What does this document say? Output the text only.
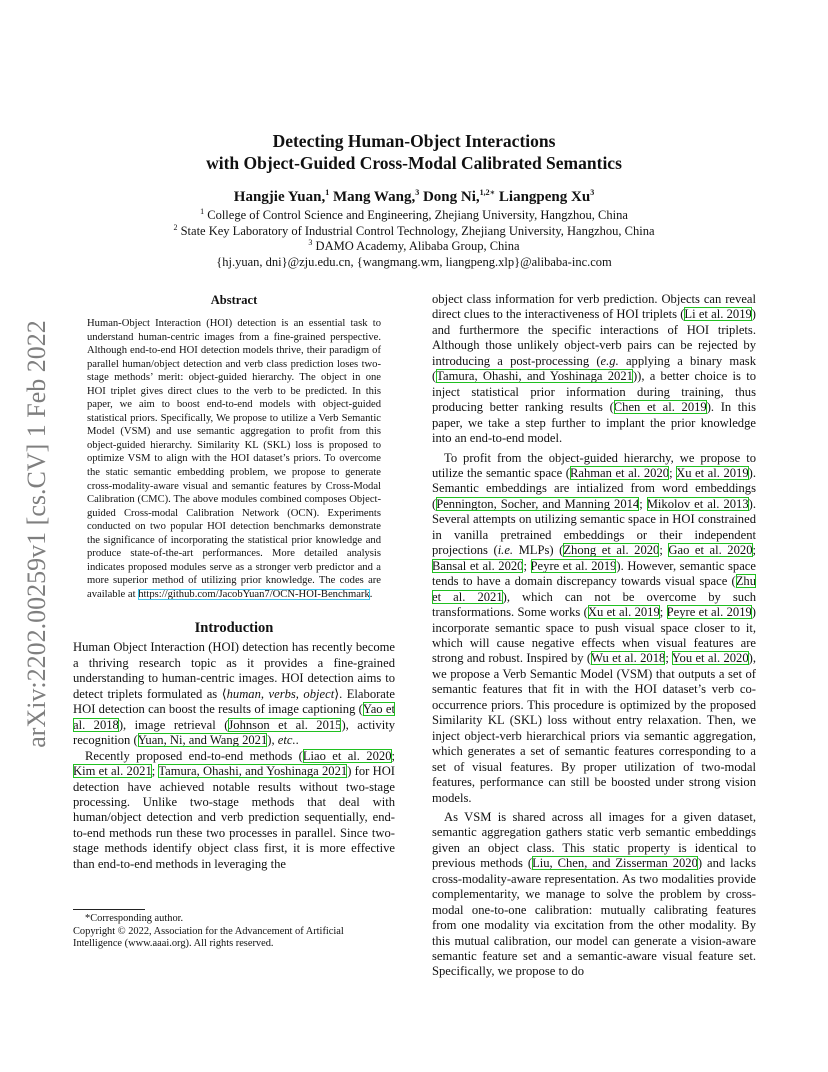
arXiv:2202.00259v1 [cs.CV] 1 Feb 2022
Detecting Human-Object Interactions
with Object-Guided Cross-Modal Calibrated Semantics
Hangjie Yuan,$^1$ Mang Wang,$^3$ Dong Ni,$^{1,2∗}$ Liangpeng Xu$^3$
$^1$ College of Control Science and Engineering, Zhejiang University, Hangzhou, China
$^2$ State Key Laboratory of Industrial Control Technology, Zhejiang University, Hangzhou, China
$^3$ DAMO Academy, Alibaba Group, China
{hj.yuan, dni}@zju.edu.cn, {wangmang.wm, liangpeng.xlp}@alibaba-inc.com
Abstract

Human-Object Interaction (HOI) detection is an essential task to understand human-centric images from a fine-grained perspective. Although end-to-end HOI detection models thrive, their paradigm of parallel human/object detection and verb class prediction loses two-stage methods’ merit: object-guided hierarchy. The object in one HOI triplet gives direct clues to the verb to be predicted. In this paper, we aim to boost end-to-end models with object-guided statistical priors. Specifically, We propose to utilize a Verb Semantic Model (VSM) and use semantic aggregation to profit from this object-guided hierarchy. Similarity KL (SKL) loss is proposed to optimize VSM to align with the HOI dataset’s priors. To overcome the static semantic embedding problem, we propose to generate cross-modality-aware visual and semantic features by Cross-Modal Calibration (CMC). The above modules combined composes Object-guided Cross-modal Calibration Network (OCN). Experiments conducted on two popular HOI detection benchmarks demonstrate the significance of incorporating the statistical prior knowledge and produce state-of-the-art performances. More detailed analysis indicates proposed modules serve as a stronger verb predictor and a more superior method of utilizing prior knowledge. The codes are available at https://github.com/JacobYuan7/OCN-HOI-Benchmark.

Introduction

Human Object Interaction (HOI) detection has recently become a thriving research topic as it provides a fine-grained understanding to human-centric images. HOI detection aims to detect triplets formulated as ⟨human, verbs, object⟩. Elaborate HOI detection can boost the results of image captioning (Yao et al. 2018), image retrieval (Johnson et al. 2015), activity recognition (Yuan, Ni, and Wang 2021), etc..

Recently proposed end-to-end methods (Liao et al. 2020; Kim et al. 2021; Tamura, Ohashi, and Yoshinaga 2021) for HOI detection have achieved notable results without two-stage processing. Unlike two-stage methods that deal with human/object detection and verb prediction sequentially, end-to-end methods run these two processes in parallel. Since two-stage methods identify object class first, it is more effective than end-to-end methods in leveraging the

*Corresponding author.
Copyright © 2022, Association for the Advancement of Artificial Intelligence (www.aaai.org). All rights reserved.

object class information for verb prediction. Objects can reveal direct clues to the interactiveness of HOI triplets (Li et al. 2019) and furthermore the specific interactions of HOI triplets. Although those unlikely object-verb pairs can be rejected by introducing a post-processing (e.g. applying a binary mask (Tamura, Ohashi, and Yoshinaga 2021)), a better choice is to inject statistical prior information during training, thus producing better ranking results (Chen et al. 2019). In this paper, we take a step further to implant the prior knowledge into an end-to-end model.

To profit from the object-guided hierarchy, we propose to utilize the semantic space (Rahman et al. 2020; Xu et al. 2019). Semantic embeddings are intialized from word embeddings (Pennington, Socher, and Manning 2014; Mikolov et al. 2013). Several attempts on utilizing semantic space in HOI constrained in vanilla pretrained embeddings or their independent projections (i.e. MLPs) (Zhong et al. 2020; Gao et al. 2020; Bansal et al. 2020; Peyre et al. 2019). However, semantic space tends to have a domain discrepancy towards visual space (Zhu et al. 2021), which can not be overcome by such transformations. Some works (Xu et al. 2019; Peyre et al. 2019) incorporate semantic space to push visual space closer to it, which will cause negative effects when visual features are strong and robust. Inspired by (Wu et al. 2018; You et al. 2020), we propose a Verb Semantic Model (VSM) that outputs a set of semantic features that fit in with the HOI dataset’s verb co-occurrence priors. This procedure is optimized by the proposed Similarity KL (SKL) loss without entry relaxation. Then, we inject object-verb hierarchical priors via semantic aggregation, which generates a set of semantic features corresponding to a set of visual features. By proper utilization of two-modal features, performance can still be boosted under strong vision models.

As VSM is shared across all images for a given dataset, semantic aggregation gathers static verb semantic embeddings given an object class. This static property is identical to previous methods (Liu, Chen, and Zisserman 2020) and lacks cross-modality-aware representation. As two modalities provide complementarity, we manage to solve the problem by cross-modal one-to-one calibration: mutually calibrating features from one modality via excitation from the other modality. By this mutual calibration, our model can generate a vision-aware semantic feature set and a semantic-aware visual feature set. Specifically, we propose to do
